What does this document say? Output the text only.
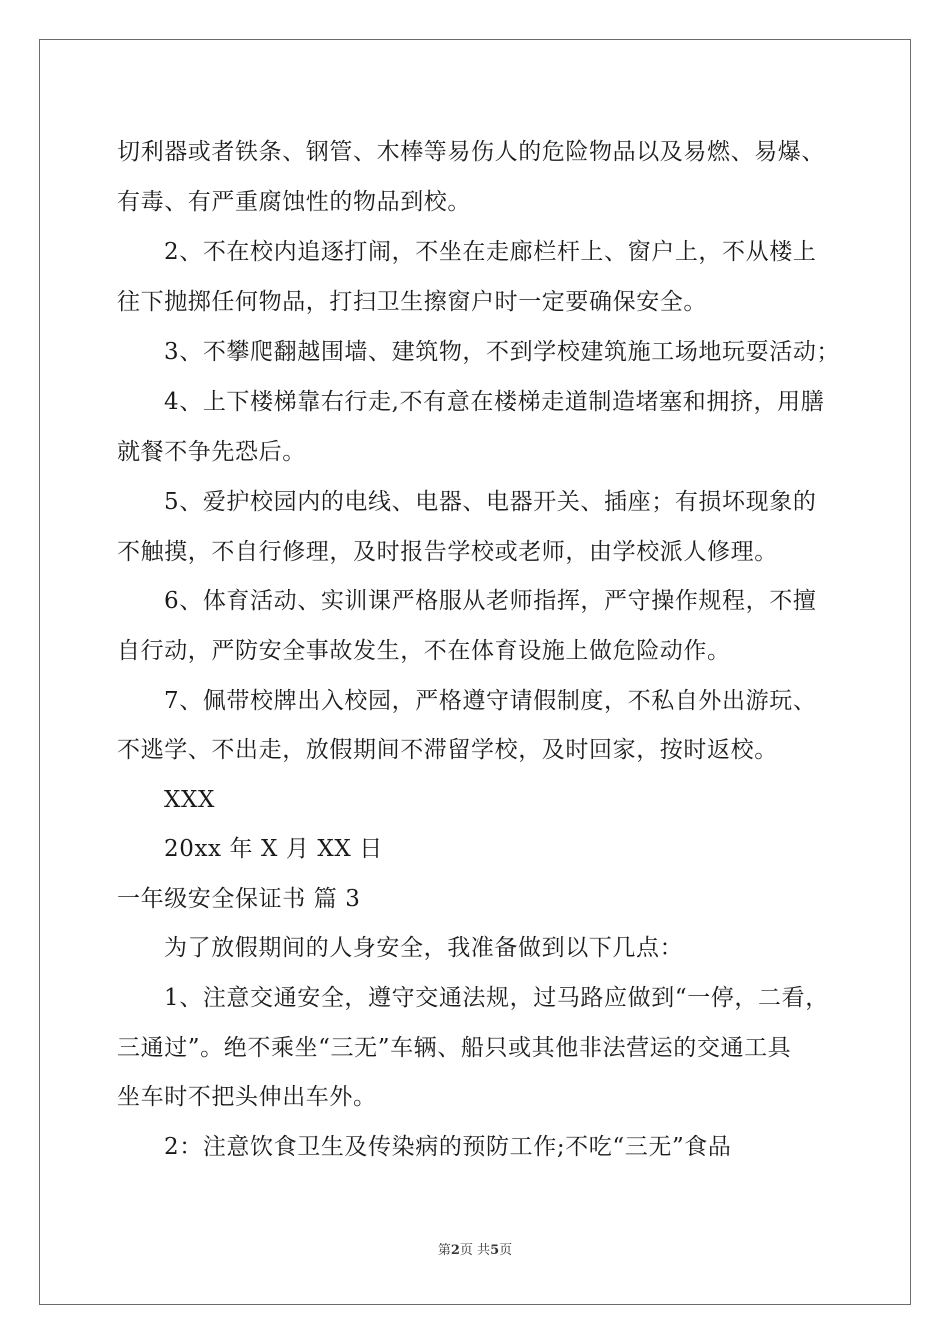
切利器或者铁条、钢管、木棒等易伤人的危险物品以及易燃、易爆、
有毒、有严重腐蚀性的物品到校。
2、不在校内追逐打闹，不坐在走廊栏杆上、窗户上，不从楼上
往下抛掷任何物品，打扫卫生擦窗户时一定要确保安全。
3、不攀爬翻越围墙、建筑物，不到学校建筑施工场地玩耍活动；
4、上下楼梯靠右行走,不有意在楼梯走道制造堵塞和拥挤，用膳
就餐不争先恐后。
5、爱护校园内的电线、电器、电器开关、插座；有损坏现象的
不触摸，不自行修理，及时报告学校或老师，由学校派人修理。
6、体育活动、实训课严格服从老师指挥，严守操作规程，不擅
自行动，严防安全事故发生，不在体育设施上做危险动作。
7、佩带校牌出入校园，严格遵守请假制度，不私自外出游玩、
不逃学、不出走，放假期间不滞留学校，及时回家，按时返校。
XXX
20xx 年 X 月 XX 日
一年级安全保证书 篇 3
为了放假期间的人身安全，我准备做到以下几点：
1、注意交通安全，遵守交通法规，过马路应做到“一停，二看，
三通过”。绝不乘坐“三无”车辆、船只或其他非法营运的交通工具
坐车时不把头伸出车外。
2：注意饮食卫生及传染病的预防工作;不吃“三无”食品
第2页 共5页
